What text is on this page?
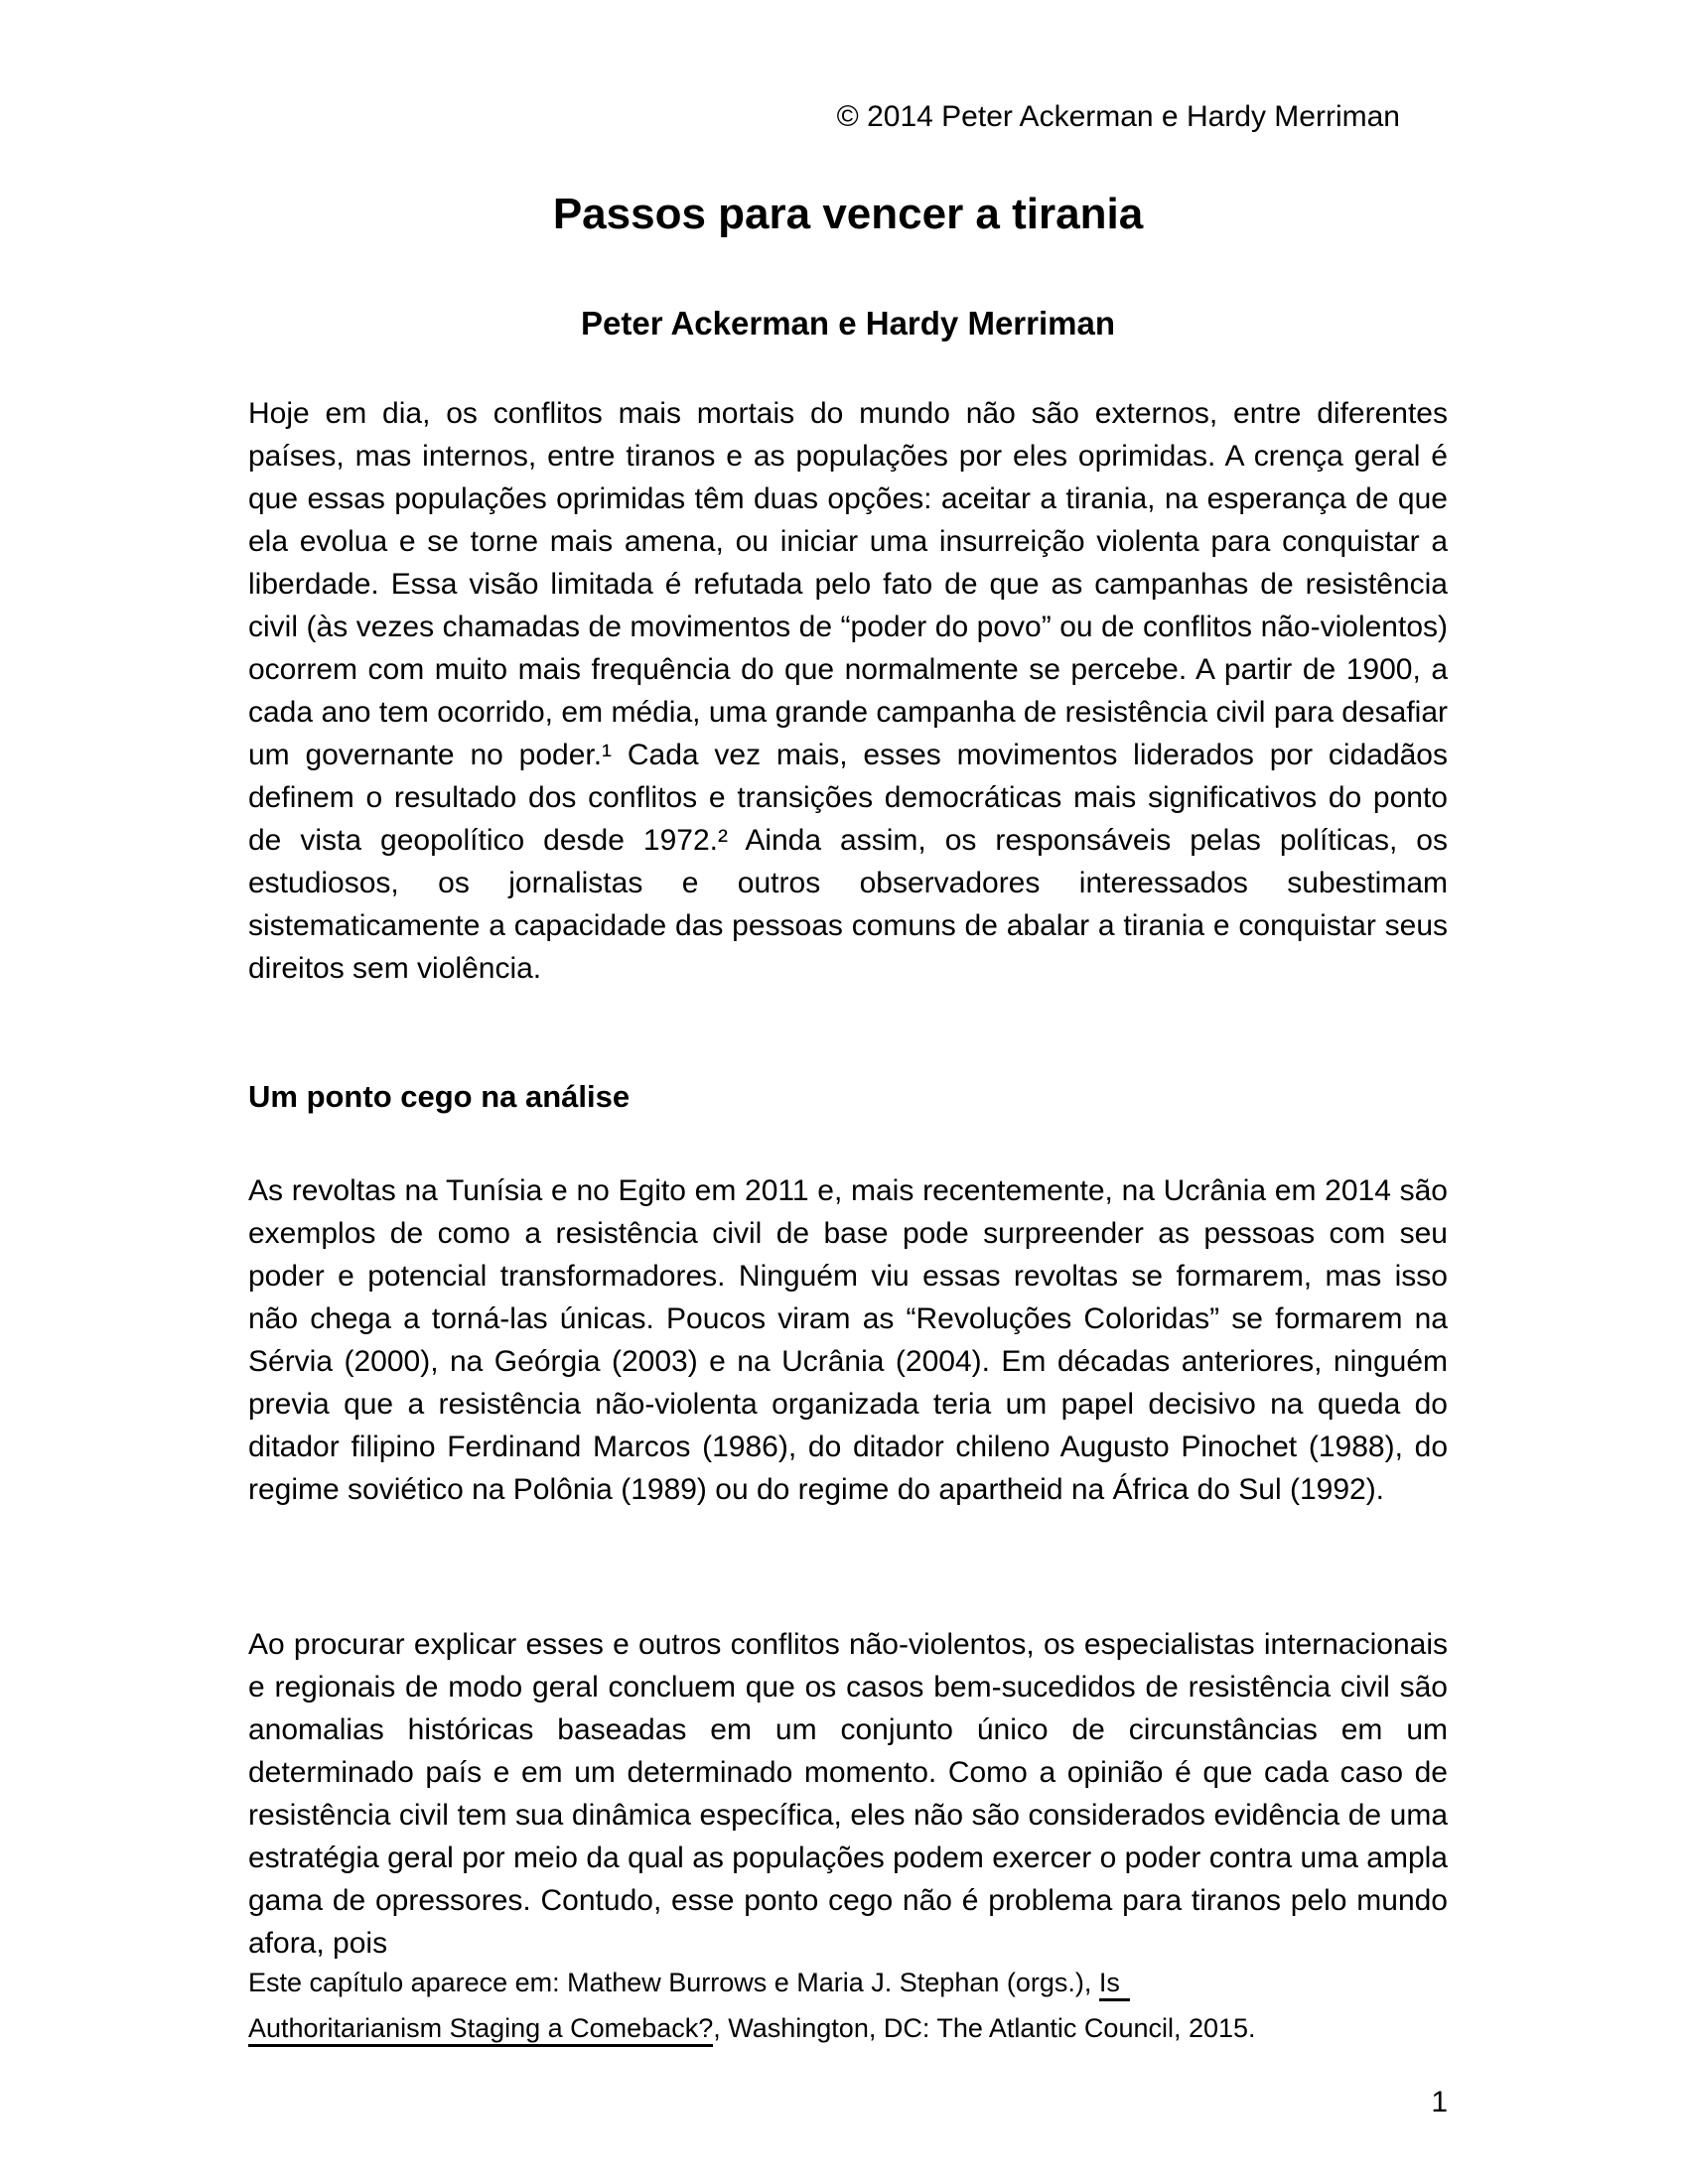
© 2014 Peter Ackerman e Hardy Merriman
Passos para vencer a tirania
Peter Ackerman e Hardy Merriman

Hoje em dia, os conflitos mais mortais do mundo não são externos, entre diferentes países, mas internos, entre tiranos e as populações por eles oprimidas. A crença geral é que essas populações oprimidas têm duas opções: aceitar a tirania, na esperança de que ela evolua e se torne mais amena, ou iniciar uma insurreição violenta para conquistar a liberdade. Essa visão limitada é refutada pelo fato de que as campanhas de resistência civil (às vezes chamadas de movimentos de “poder do povo” ou de conflitos não-violentos) ocorrem com muito mais frequência do que normalmente se percebe. A partir de 1900, a cada ano tem ocorrido, em média, uma grande campanha de resistência civil para desafiar um governante no poder.¹ Cada vez mais, esses movimentos liderados por cidadãos definem o resultado dos conflitos e transições democráticas mais significativos do ponto de vista geopolítico desde 1972.² Ainda assim, os responsáveis pelas políticas, os estudiosos, os jornalistas e outros observadores interessados subestimam sistematicamente a capacidade das pessoas comuns de abalar a tirania e conquistar seus direitos sem violência.

Um ponto cego na análise

As revoltas na Tunísia e no Egito em 2011 e, mais recentemente, na Ucrânia em 2014 são exemplos de como a resistência civil de base pode surpreender as pessoas com seu poder e potencial transformadores. Ninguém viu essas revoltas se formarem, mas isso não chega a torná-las únicas. Poucos viram as “Revoluções Coloridas” se formarem na Sérvia (2000), na Geórgia (2003) e na Ucrânia (2004). Em décadas anteriores, ninguém previa que a resistência não-violenta organizada teria um papel decisivo na queda do ditador filipino Ferdinand Marcos (1986), do ditador chileno Augusto Pinochet (1988), do regime soviético na Polônia (1989) ou do regime do apartheid na África do Sul (1992).

Ao procurar explicar esses e outros conflitos não-violentos, os especialistas internacionais e regionais de modo geral concluem que os casos bem-sucedidos de resistência civil são anomalias históricas baseadas em um conjunto único de circunstâncias em um determinado país e em um determinado momento. Como a opinião é que cada caso de resistência civil tem sua dinâmica específica, eles não são considerados evidência de uma estratégia geral por meio da qual as populações podem exercer o poder contra uma ampla gama de opressores. Contudo, esse ponto cego não é problema para tiranos pelo mundo afora, pois

Este capítulo aparece em: Mathew Burrows e Maria J. Stephan (orgs.), Is
Authoritarianism Staging a Comeback?, Washington, DC: The Atlantic Council, 2015.
1
